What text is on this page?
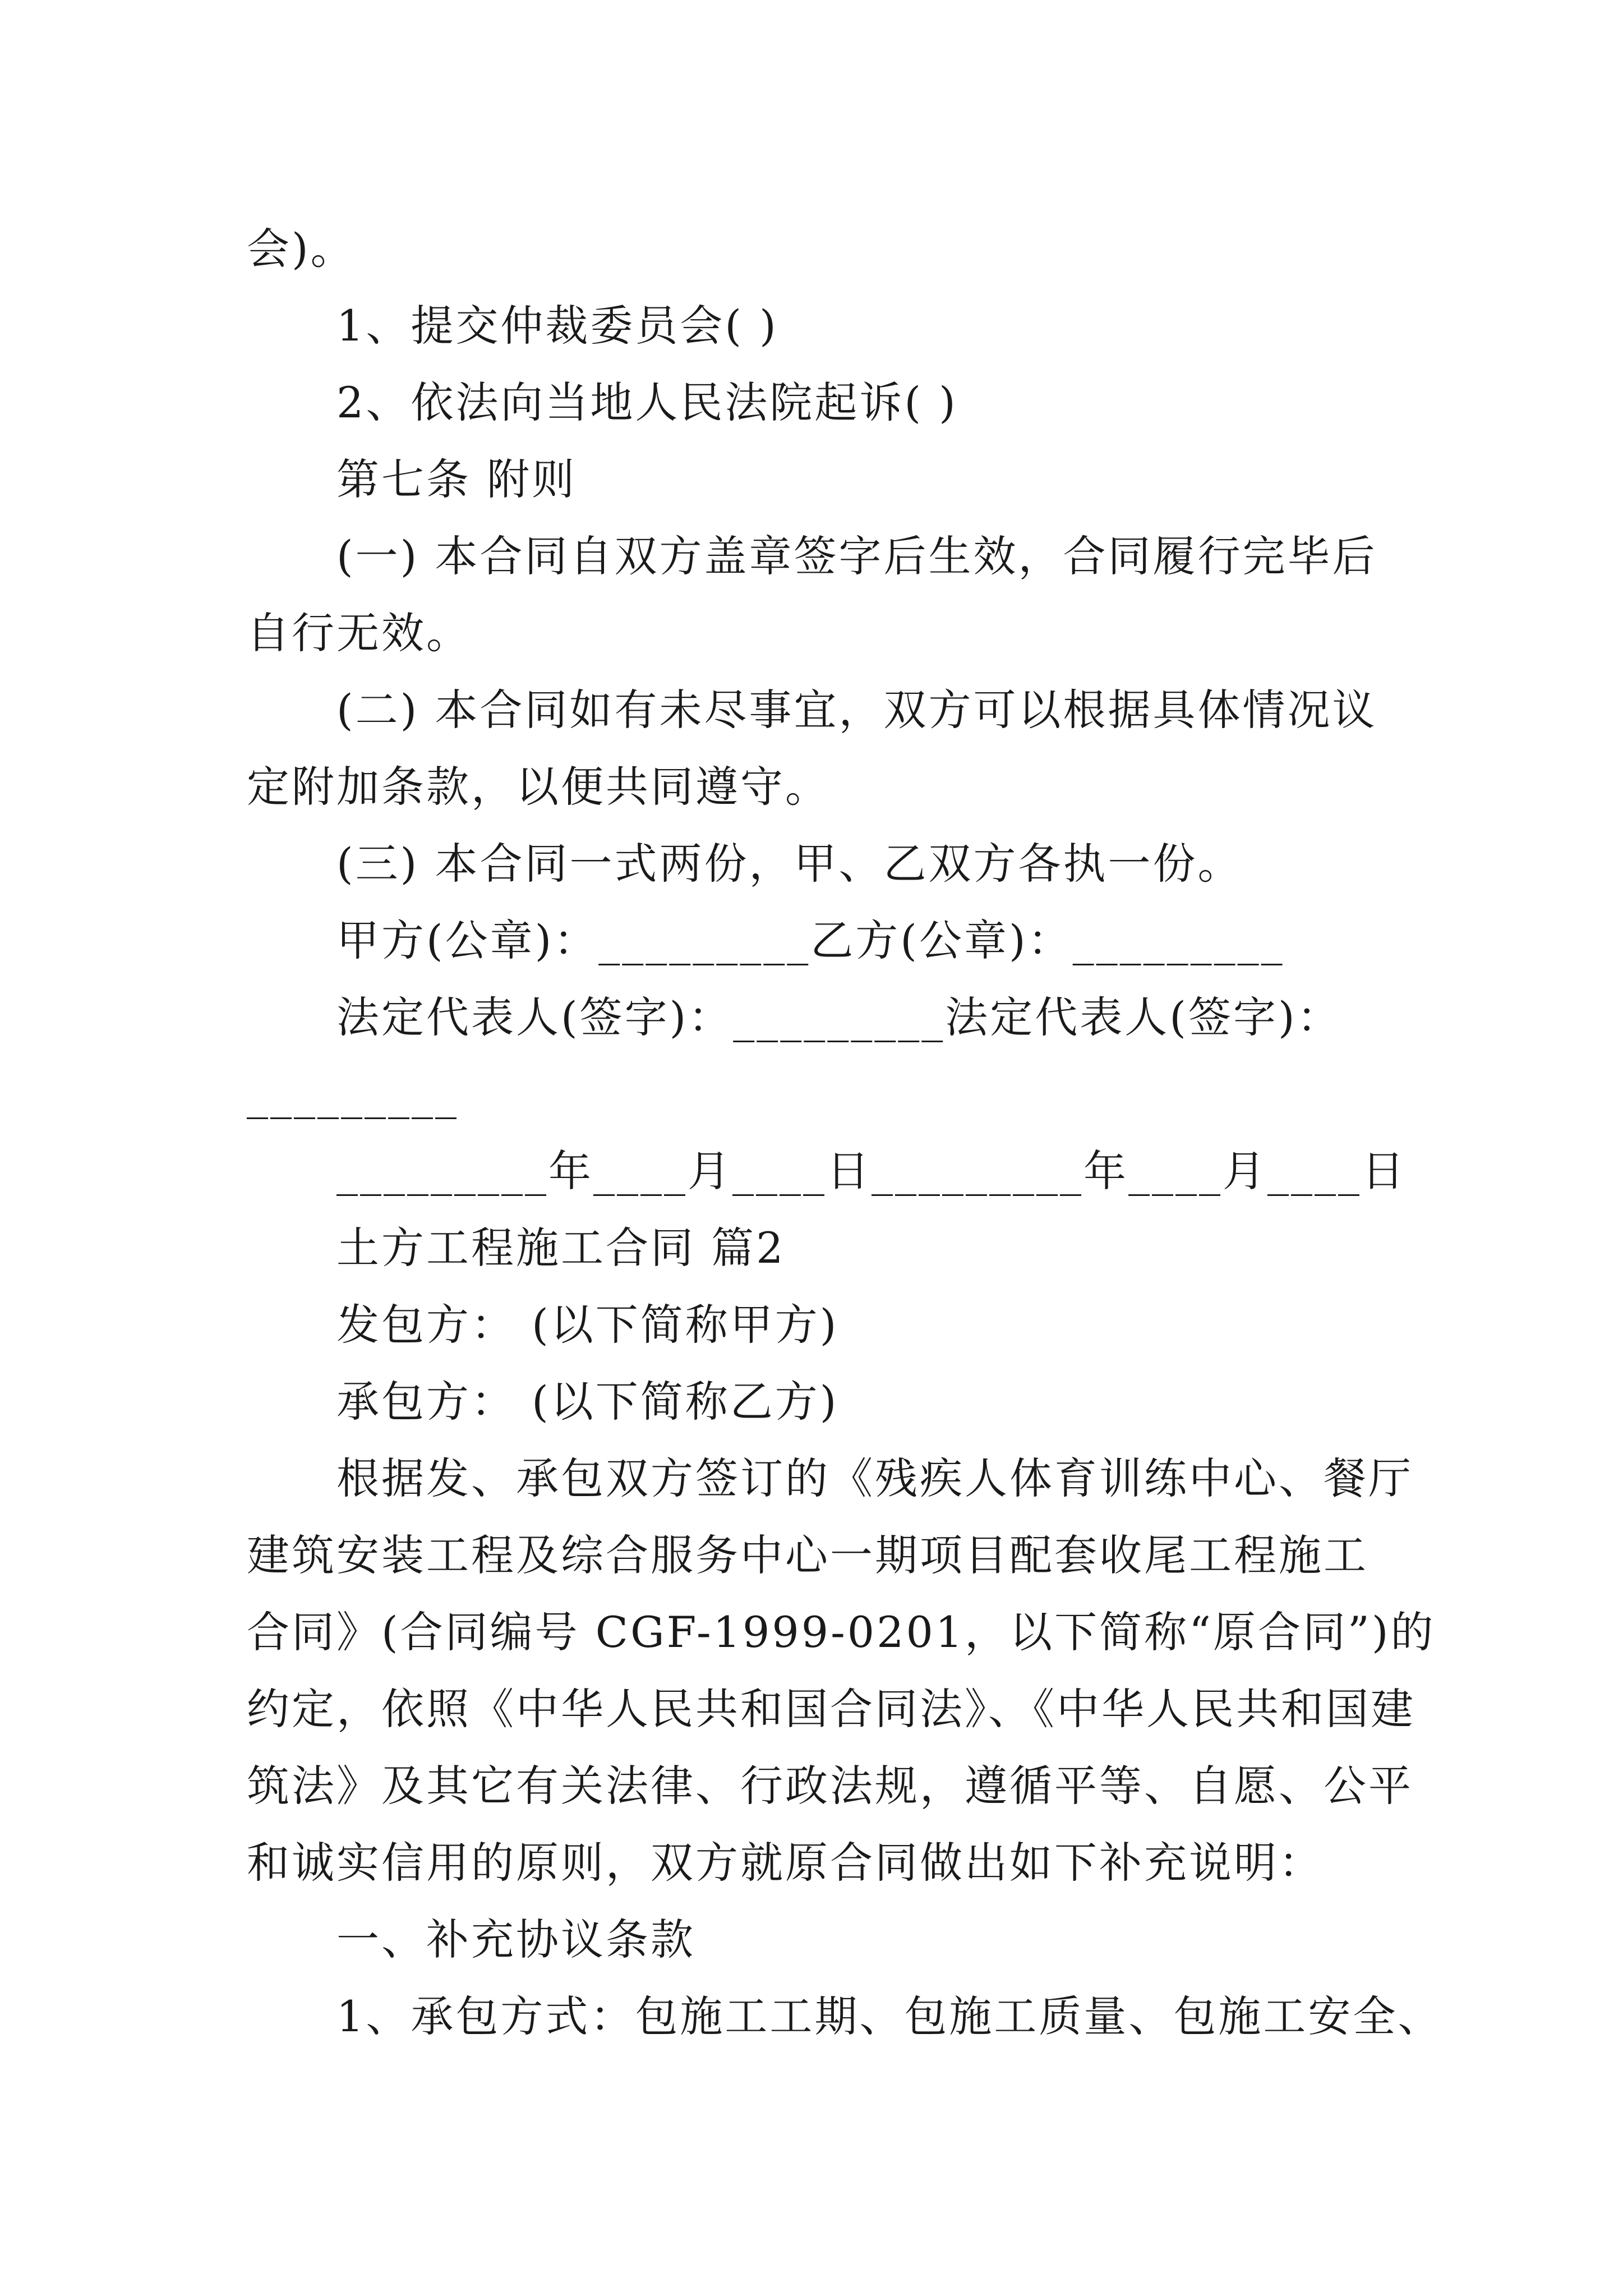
会)。
1、提交仲裁委员会( )
2、依法向当地人民法院起诉( )
第七条 附则
(一) 本合同自双方盖章签字后生效，合同履行完毕后
自行无效。
(二) 本合同如有未尽事宜，双方可以根据具体情况议
定附加条款，以便共同遵守。
(三) 本合同一式两份，甲、乙双方各执一份。
甲方(公章)：_________乙方(公章)：_________
法定代表人(签字)：_________法定代表人(签字)：
_________
_________年____月____日_________年____月____日
土方工程施工合同 篇2
发包方： (以下简称甲方)
承包方： (以下简称乙方)
根据发、承包双方签订的《残疾人体育训练中心、餐厅
建筑安装工程及综合服务中心一期项目配套收尾工程施工
合同》(合同编号 CGF-1999-0201，以下简称“原合同”)的
约定，依照《中华人民共和国合同法》、《中华人民共和国建
筑法》及其它有关法律、行政法规，遵循平等、自愿、公平
和诚实信用的原则，双方就原合同做出如下补充说明：
一、补充协议条款
1、承包方式：包施工工期、包施工质量、包施工安全、
